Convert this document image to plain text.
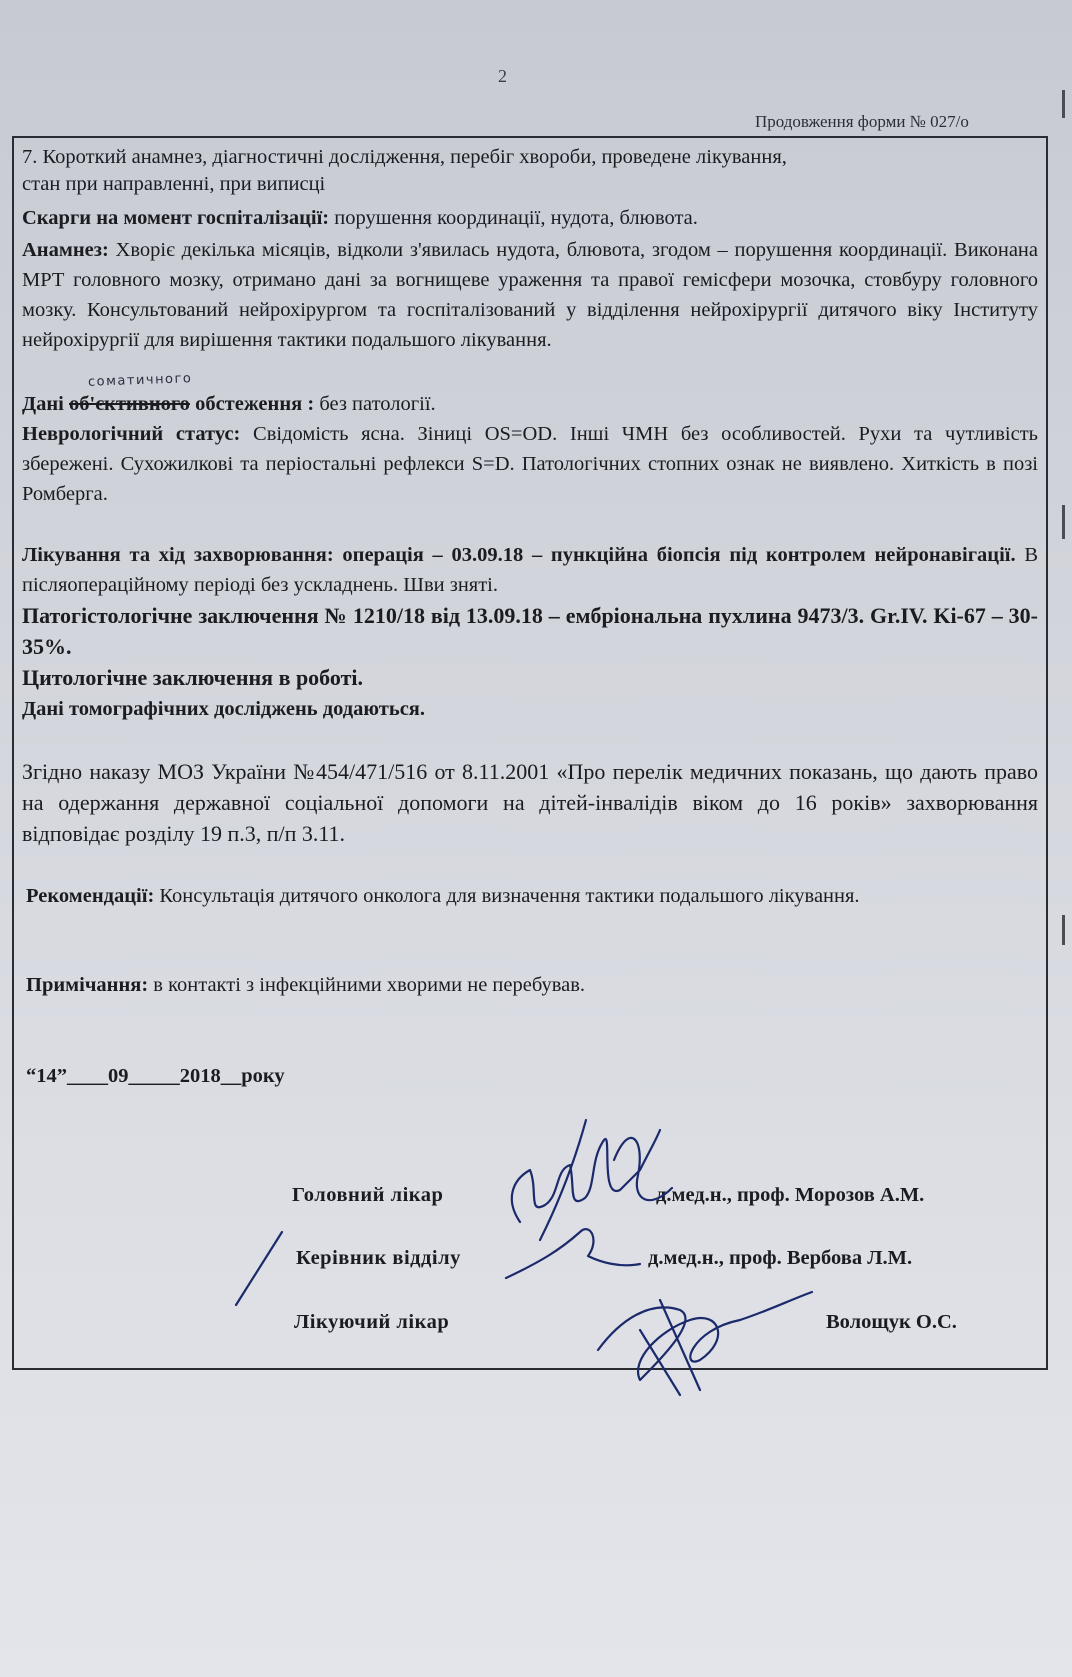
2
Продовження форми № 027/о
7. Короткий анамнез, діагностичні дослідження, перебіг хвороби, проведене лікування,
стан при направленні, при виписці
Скарги на момент госпіталізації: порушення координації, нудота, блювота.
Анамнез: Хворіє декілька місяців, відколи з'явилась нудота, блювота, згодом – порушення координації. Виконана МРТ головного мозку, отримано дані за вогнищеве ураження та правої гемісфери мозочка, стовбуру головного мозку. Консультований нейрохірургом та госпіталізований у відділення нейрохірургії дитячого віку Інституту нейрохірургії для вирішення тактики подальшого лікування.
соматичного
Дані об'єктивного обстеження : без патології.
Неврологічний статус: Свідомість ясна. Зіниці OS=OD. Інші ЧМН без особливостей. Рухи та чутливість збережені. Сухожилкові та періостальні рефлекси S=D. Патологічних стопних ознак не виявлено. Хиткість в позі Ромберга.
Лікування та хід захворювання: операція – 03.09.18 – пункційна біопсія під контролем нейронавігації. В післяопераційному періоді без ускладнень. Шви зняті.
Патогістологічне заключення № 1210/18 від 13.09.18 – ембріональна пухлина 9473/3. Gr.IV. Ki-67 – 30-35%.
Цитологічне заключення в роботі.
Дані томографічних досліджень додаються.
Згідно наказу МОЗ України №454/471/516 от 8.11.2001 «Про перелік медичних показань, що дають право на одержання державної соціальної допомоги на дітей-інвалідів віком до 16 років» захворювання відповідає розділу 19 п.3, п/п 3.11.
Рекомендації: Консультація дитячого онколога для визначення тактики подальшого лікування.
Примічання: в контакті з інфекційними хворими не перебував.
“14”____09_____2018__року
Головний лікар	д.мед.н., проф. Морозов А.М.
Керівник відділу	д.мед.н., проф. Вербова Л.М.
Лікуючий лікар	Волощук О.С.
